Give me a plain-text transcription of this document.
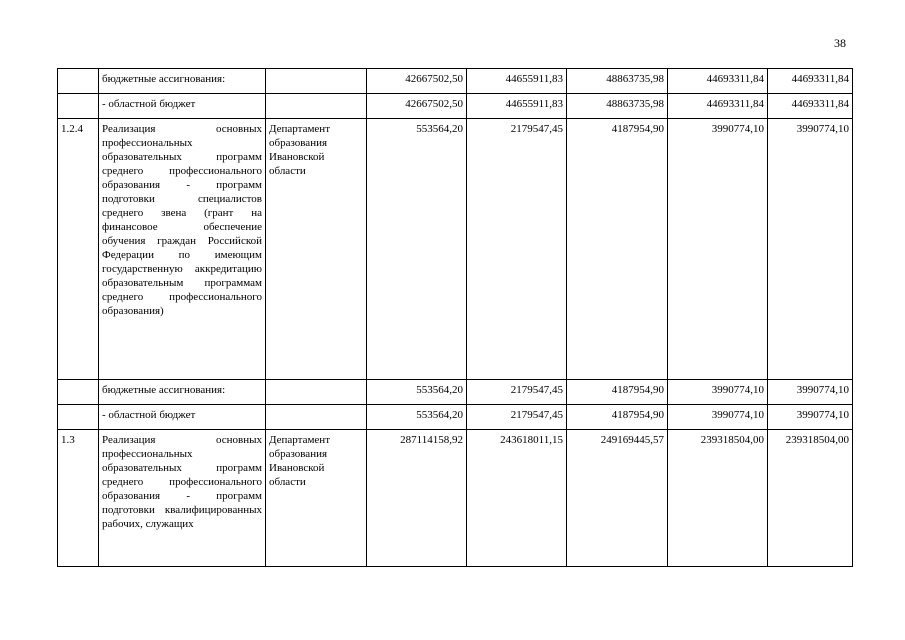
38
	бюджетные ассигнования:		42667502,50	44655911,83	48863735,98	44693311,84	44693311,84
	- областной бюджет		42667502,50	44655911,83	48863735,98	44693311,84	44693311,84
1.2.4	Реализация основных профессиональных образовательных программ среднего профессионального образования - программ подготовки специалистов среднего звена (грант на финансовое обеспечение обучения граждан Российской Федерации по имеющим государственную аккредитацию образовательным программам среднего профессионального образования)	Департамент образования Ивановской области	553564,20	2179547,45	4187954,90	3990774,10	3990774,10
	бюджетные ассигнования:		553564,20	2179547,45	4187954,90	3990774,10	3990774,10
	- областной бюджет		553564,20	2179547,45	4187954,90	3990774,10	3990774,10
1.3	Реализация основных профессиональных образовательных программ среднего профессионального образования - программ подготовки квалифицированных рабочих, служащих	Департамент образования Ивановской области	287114158,92	243618011,15	249169445,57	239318504,00	239318504,00
